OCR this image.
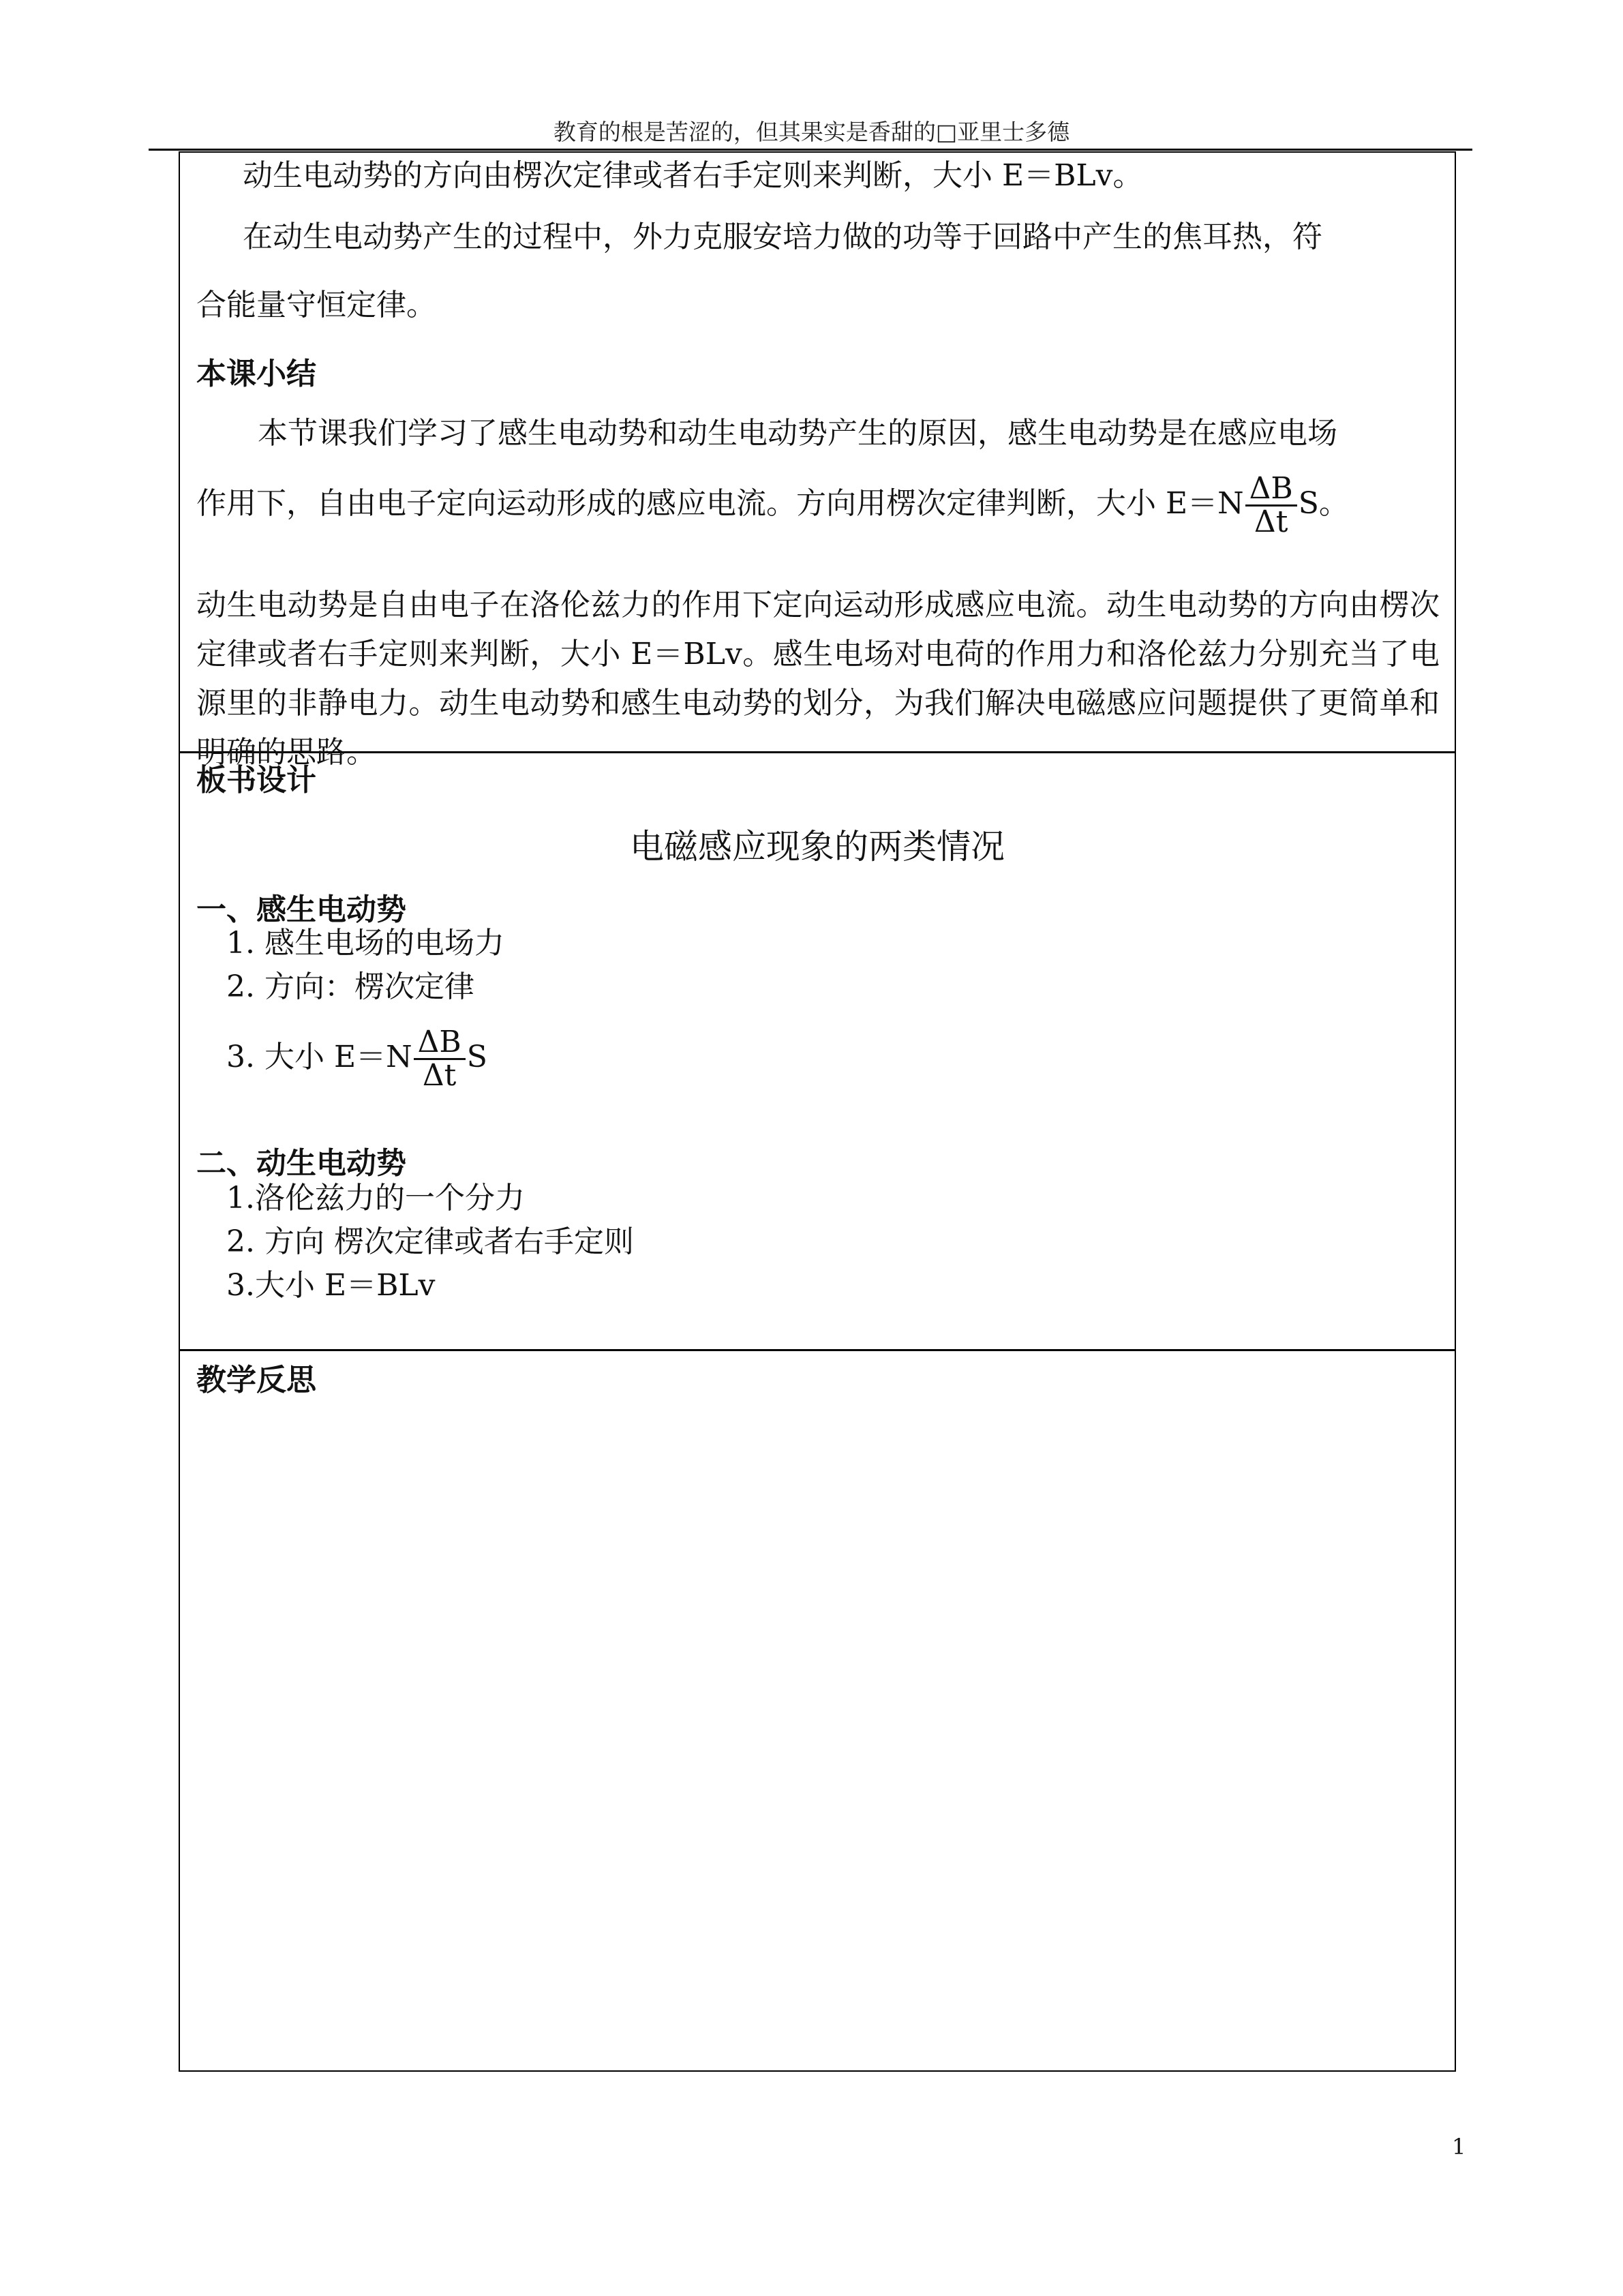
教育的根是苦涩的，但其果实是香甜的□亚里士多德
动生电动势的方向由楞次定律或者右手定则来判断，大小 E＝BLv。
在动生电动势产生的过程中，外力克服安培力做的功等于回路中产生的焦耳热，符
合能量守恒定律。
本课小结
本节课我们学习了感生电动势和动生电动势产生的原因，感生电动势是在感应电场
作用下，自由电子定向运动形成的感应电流。方向用楞次定律判断，大小 $E=N \frac{\Delta B}{\Delta t}$ S。
动生电动势是自由电子在洛伦兹力的作用下定向运动形成感应电流。动生电动势的方向由楞次定律或者右手定则来判断，大小 E＝BLv。感生电场对电荷的作用力和洛伦兹力分别充当了电源里的非静电力。动生电动势和感生电动势的划分，为我们解决电磁感应问题提供了更简单和明确的思路。
板书设计
电磁感应现象的两类情况
一、感生电动势
1. 感生电场的电场力
2. 方向：楞次定律
3. 大小 $E=N \frac{\Delta B}{\Delta t}$ S
二、动生电动势
1.洛伦兹力的一个分力
2. 方向 楞次定律或者右手定则
3.大小 E＝BLv
教学反思
1
